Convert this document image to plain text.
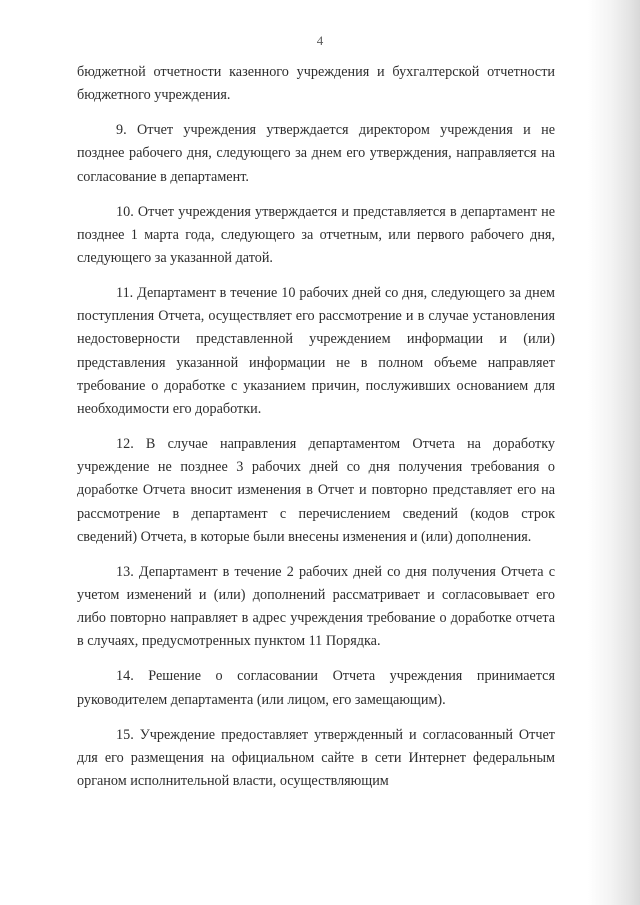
4

бюджетной отчетности казенного учреждения и бухгалтерской отчетности бюджетного учреждения.

9. Отчет учреждения утверждается директором учреждения и не позднее рабочего дня, следующего за днем его утверждения, направляется на согласование в департамент.

10. Отчет учреждения утверждается и представляется в департамент не позднее 1 марта года, следующего за отчетным, или первого рабочего дня, следующего за указанной датой.

11. Департамент в течение 10 рабочих дней со дня, следующего за днем поступления Отчета, осуществляет его рассмотрение и в случае установления недостоверности представленной учреждением информации и (или) представления указанной информации не в полном объеме направляет требование о доработке с указанием причин, послуживших основанием для необходимости его доработки.

12. В случае направления департаментом Отчета на доработку учреждение не позднее 3 рабочих дней со дня получения требования о доработке Отчета вносит изменения в Отчет и повторно представляет его на рассмотрение в департамент с перечислением сведений (кодов строк сведений) Отчета, в которые были внесены изменения и (или) дополнения.

13. Департамент в течение 2 рабочих дней со дня получения Отчета с учетом изменений и (или) дополнений рассматривает и согласовывает его либо повторно направляет в адрес учреждения требование о доработке отчета в случаях, предусмотренных пунктом 11 Порядка.

14. Решение о согласовании Отчета учреждения принимается руководителем департамента (или лицом, его замещающим).

15. Учреждение предоставляет утвержденный и согласованный Отчет для его размещения на официальном сайте в сети Интернет федеральным органом исполнительной власти, осуществляющим
